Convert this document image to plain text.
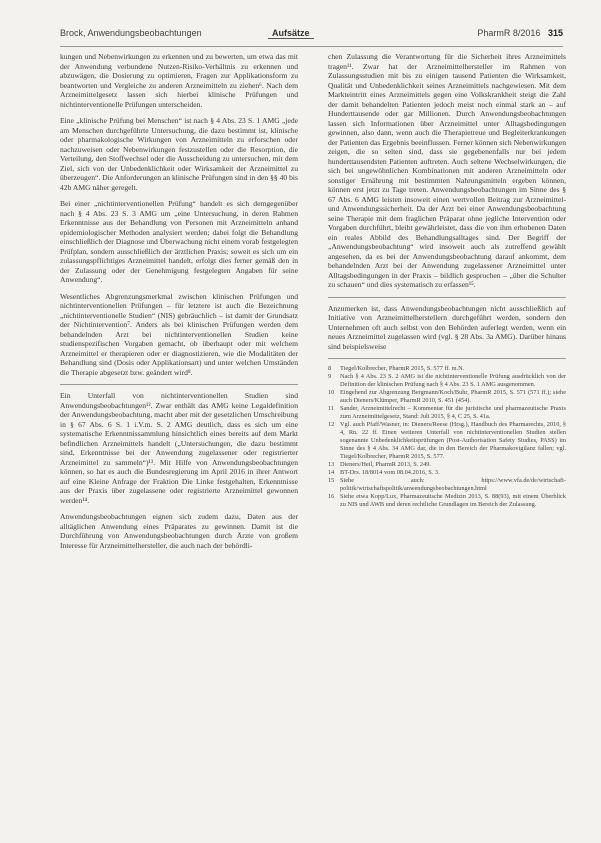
Brock, Anwendungsbeobachtungen	Aufsätze	PharmR 8/2016 315

kungen und Nebenwirkungen zu erkennen und zu bewerten, um etwa das mit der Anwendung verbundene Nutzen-Risiko-Verhältnis zu erkennen und abzuwägen, die Dosierung zu optimieren, Fragen zur Applikationsform zu beantworten und Vergleiche zu anderen Arzneimitteln zu ziehen⁶. Nach dem Arzneimittelgesetz lassen sich hierbei klinische Prüfungen und nichtinterventionelle Prüfungen unterscheiden.

Eine „klinische Prüfung bei Menschen“ ist nach § 4 Abs. 23 S. 1 AMG „jede am Menschen durchgeführte Untersuchung, die dazu bestimmt ist, klinische oder pharmakologische Wirkungen von Arzneimitteln zu erforschen oder nachzuweisen oder Nebenwirkungen festzustellen oder die Resorption, die Verteilung, den Stoffwechsel oder die Ausscheidung zu untersuchen, mit dem Ziel, sich von der Unbedenklichkeit oder Wirksamkeit der Arzneimittel zu überzeugen“. Die Anforderungen an klinische Prüfungen sind in den §§ 40 bis 42b AMG näher geregelt.

Bei einer „nichtinterventionellen Prüfung“ handelt es sich demgegenüber nach § 4 Abs. 23 S. 3 AMG um „eine Untersuchung, in deren Rahmen Erkenntnisse aus der Behandlung von Personen mit Arzneimitteln anhand epidemiologischer Methoden analysiert werden; dabei folgt die Behandlung einschließlich der Diagnose und Überwachung nicht einem vorab festgelegten Prüfplan, sondern ausschließlich der ärztlichen Praxis; soweit es sich um ein zulassungspflichtiges Arzneimittel handelt, erfolgt dies ferner gemäß den in der Zulassung oder der Genehmigung festgelegten Angaben für seine Anwendung“.

Wesentliches Abgrenzungsmerkmal zwischen klinischen Prüfungen und nichtinterventionellen Prüfungen – für letztere ist auch die Bezeichnung „nichtinterventionelle Studien“ (NIS) gebräuchlich – ist damit der Grundsatz der Nichtintervention⁷. Anders als bei klinischen Prüfungen werden dem behandelnden Arzt bei nichtinterventionellen Studien keine studienspezifischen Vorgaben gemacht, ob überhaupt oder mit welchem Arzneimittel er therapieren oder er diagnostizieren, wie die Modalitäten der Behandlung sind (Dosis oder Applikationsart) und unter welchen Umständen die Therapie abgesetzt bzw. geändert wird⁸.

Ein Unterfall von nichtinterventionellen Studien sind Anwendungsbeobachtungen¹². Zwar enthält das AMG keine Legaldefinition der Anwendungsbeobachtung, macht aber mit der gesetzlichen Umschreibung in § 67 Abs. 6 S. 1 i.V.m. S. 2 AMG deutlich, dass es sich um eine systematische Erkenntnissammlung hinsichtlich eines bereits auf dem Markt befindlichen Arzneimittels handelt („Untersuchungen, die dazu bestimmt sind, Erkenntnisse bei der Anwendung zugelassener oder registrierter Arzneimittel zu sammeln“)¹³. Mit Hilfe von Anwendungsbeobachtungen können, so hat es auch die Bundesregierung im April 2016 in ihrer Antwort auf eine Kleine Anfrage der Fraktion Die Linke festgehalten, Erkenntnisse aus der Praxis über zugelassene oder registrierte Arzneimittel gewonnen werden¹⁴.

Anwendungsbeobachtungen eignen sich zudem dazu, Daten aus der alltäglichen Anwendung eines Präparates zu gewinnen. Damit ist die Durchführung von Anwendungsbeobachtungen durch Ärzte von großem Interesse für Arzneimittelhersteller, die auch nach der behördli-

chen Zulassung die Verantwortung für die Sicherheit ihres Arzneimittels tragen¹¹. Zwar hat der Arzneimittelhersteller im Rahmen von Zulassungsstudien mit bis zu einigen tausend Patienten die Wirksamkeit, Qualität und Unbedenklichkeit seines Arzneimittels nachgewiesen. Mit dem Markteintritt eines Arzneimittels gegen eine Volkskrankheit steigt die Zahl der damit behandelten Patienten jedoch meist noch einmal stark an – auf Hunderttausende oder gar Millionen. Durch Anwendungsbeobachtungen lassen sich Informationen über Arzneimittel unter Alltagsbedingungen gewinnen, also dann, wenn auch die Therapietreue und Begleiterkrankungen der Patienten das Ergebnis beeinflussen. Ferner können sich Nebenwirkungen zeigen, die so selten sind, dass sie gegebenenfalls nur bei jedem hunderttausendsten Patienten auftreten. Auch seltene Wechselwirkungen, die sich bei ungewöhnlichen Kombinationen mit anderen Arzneimitteln oder sonstiger Ernährung mit bestimmten Nahrungsmitteln ergeben können, können erst jetzt zu Tage treten. Anwendungsbeobachtungen im Sinne des § 67 Abs. 6 AMG leisten insoweit einen wertvollen Beitrag zur Arzneimittel- und Anwendungssicherheit. Da der Arzt bei einer Anwendungsbeobachtung seine Therapie mit dem fraglichen Präparat ohne jegliche Intervention oder Vorgaben durchführt, bleibt gewährleistet, dass die von ihm erhobenen Daten ein reales Abbild des Behandlungsalltages sind. Der Begriff der „Anwendungsbeobachtung“ wird insoweit auch als zutreffend gewählt angesehen, da es bei der Anwendungsbeobachtung darauf ankommt, dem behandelnden Arzt bei der Anwendung zugelassener Arzneimittel unter Alltagsbedingungen in der Praxis – bildlich gesprochen – „über die Schulter zu schauen“ und dies systematisch zu erfassen¹⁵.

Anzumerken ist, dass Anwendungsbeobachtungen nicht ausschließlich auf Initiative von Arzneimittelherstellern durchgeführt werden, sondern den Unternehmen oft auch selbst von den Behörden auferlegt werden, wenn ein neues Arzneimittel zugelassen wird (vgl. § 28 Abs. 3a AMG). Darüber hinaus sind beispielsweise

8	Tiegel/Kolbrecher, PharmR 2015, S. 577 ff. m.N.
9	Nach § 4 Abs. 23 S. 2 AMG ist die nichtinterventionelle Prüfung ausdrücklich von der Definition der klinischen Prüfung nach § 4 Abs. 23 S. 1 AMG ausgenommen.
10 Eingehend zur Abgrenzung Bergmann/Koch/Buhr, PharmR 2015, S. 571 (571 ff.); siehe auch Dieners/Klümper, PharmR 2010, S. 451 (454).
11 Sander, Arzneimittelrecht – Kommentar für die juristische und pharmazeutische Praxis zum Arzneimittelgesetz, Stand: Juli 2015, § 4, C 25, S. 41a.
12 Vgl. auch Pfaff/Wasner, in: Dieners/Reese (Hrsg.), Handbuch des Pharmarechts, 2010, § 4, Rn. 22 ff. Einen weiteren Unterfall von nichtinterventionellen Studien stellen sogenannte Unbedenklichkeitsprüfungen (Post-Authorisation Safety Studies, PASS) im Sinne des § 4 Abs. 34 AMG dar, die in den Bereich der Pharmakovigilanz fallen; vgl. Tiegel/Kolbrecher, PharmR 2015, S. 577.
13 Dieners/Heil, PharmR 2013, S. 249.
14 BT-Drs. 18/8014 vom 08.04.2016, S. 3.
15 Siehe auch: https://www.vfa.de/de/wirtschaft-politik/wirtschaftspolitik/anwendungsbeobachtungen.html
16 Siehe etwa Kopp/Lux, Pharmazeutische Medizin 2013, S. 88(93), mit einem Überblick zu NIS und AWB und deren rechtliche Grundlagen im Bereich der Zulassung.
